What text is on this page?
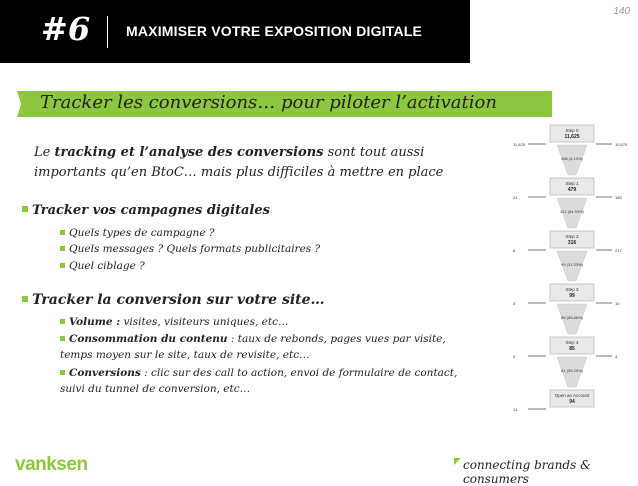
#6	MAXIMISER VOTRE EXPOSITION DIGITALE
140
Tracker les conversions… pour piloter l’activation
Le tracking et l’analyse des conversions sont tout aussi importants qu’en BtoC… mais plus difficiles à mettre en place
Tracker vos campagnes digitales
Quels types de campagne ?
Quels messages ? Quels formats publicitaires ?
Quel ciblage ?
Tracker la conversion sur votre site…
Volume : visites, visiteurs uniques, etc…
Consommation du contenu : taux de rebonds, pages vues par visite, temps moyen sur le site, taux de revisite, etc…
Conversions : clic sur des call to action, envoi de formulaire de contact, suivi du tunnel de conversion, etc…
Step 0
11,625
11,625	10,570
456 (4.10%)
Step 1
479
24	180
311 (64.93%)
Step 2
316
6	217
99 (31.33%)
Step 3
99
3	10
85 (85.86%)
Step 4
85
0	4
81 (95.29%)
Open an Account
94
13
vanksen	connecting brands & consumers
